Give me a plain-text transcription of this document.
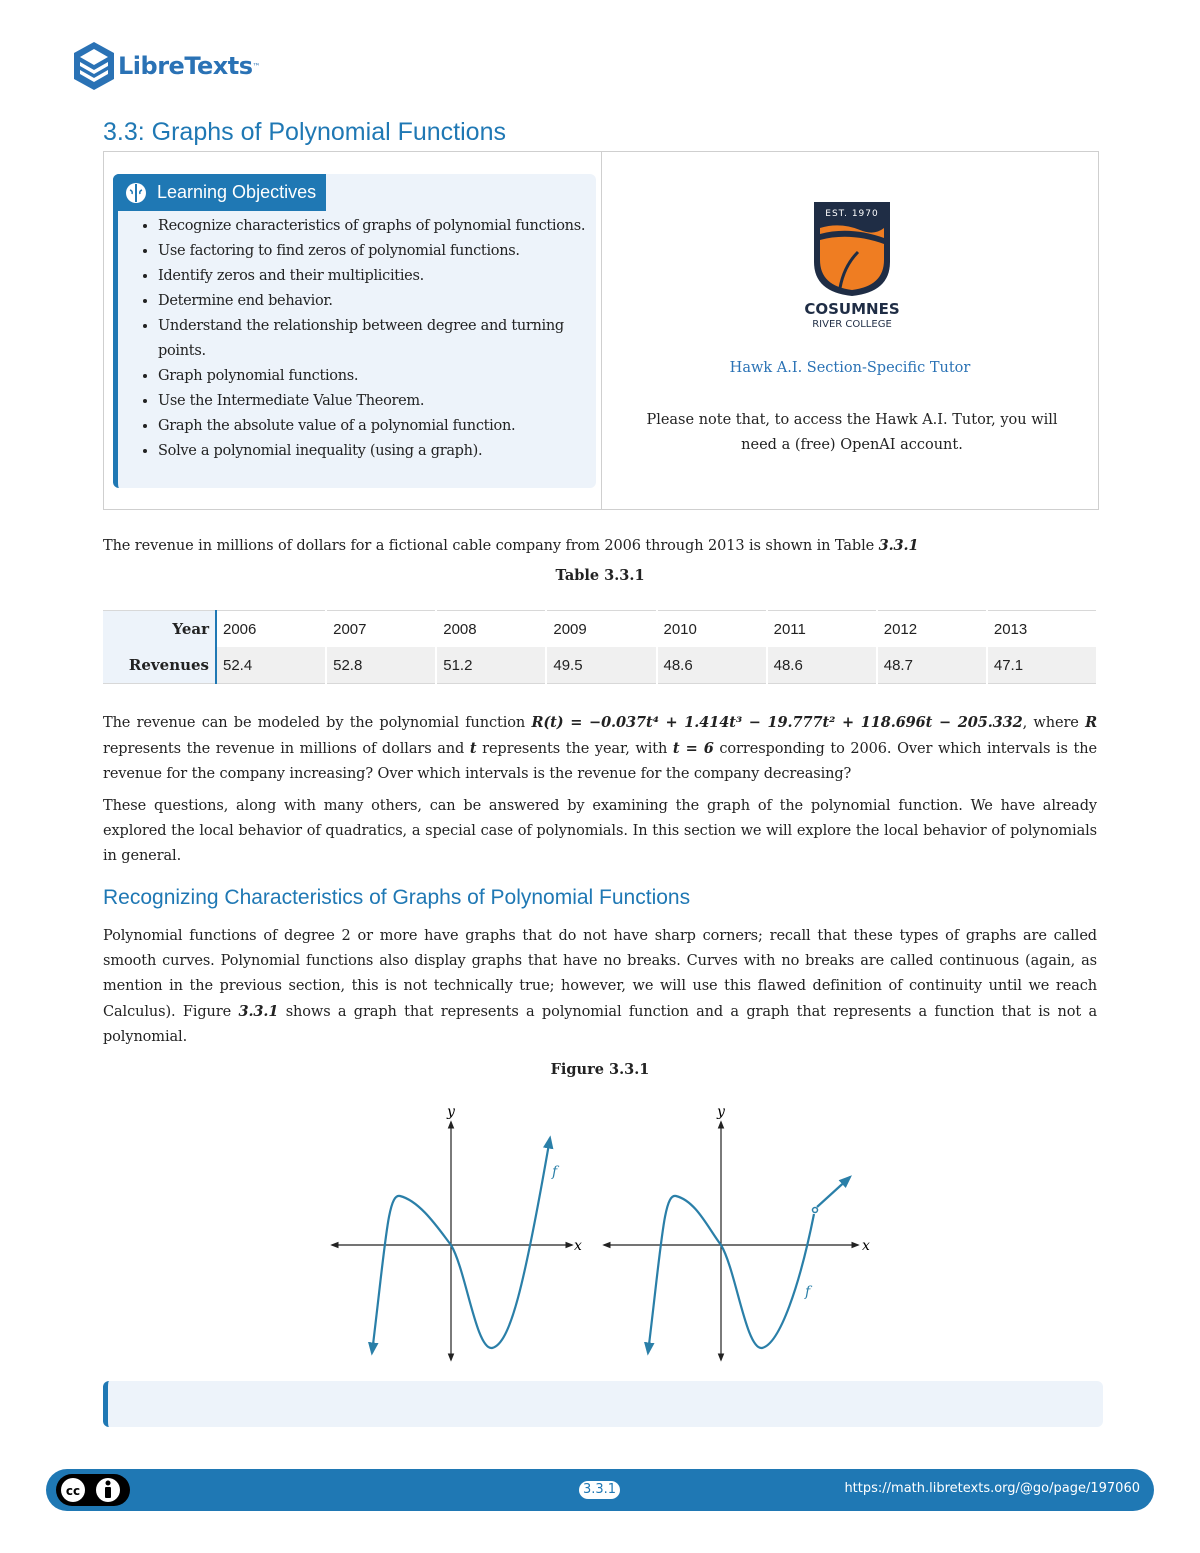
LibreTexts ™
3.3: Graphs of Polynomial Functions
Learning Objectives
• Recognize characteristics of graphs of polynomial functions.
• Use factoring to find zeros of polynomial functions.
• Identify zeros and their multiplicities.
• Determine end behavior.
• Understand the relationship between degree and turning points.
• Graph polynomial functions.
• Use the Intermediate Value Theorem.
• Graph the absolute value of a polynomial function.
• Solve a polynomial inequality (using a graph).
EST. 1970
COSUMNES
RIVER COLLEGE
Hawk A.I. Section-Specific Tutor
Please note that, to access the Hawk A.I. Tutor, you will need a (free) OpenAI account.

The revenue in millions of dollars for a fictional cable company from 2006 through 2013 is shown in Table 3.3.1

Table 3.3.1
Year	2006	2007	2008	2009	2010	2011	2012	2013
Revenues	52.4	52.8	51.2	49.5	48.6	48.6	48.7	47.1

The revenue can be modeled by the polynomial function R(t) = −0.037t⁴ + 1.414t³ − 19.777t² + 118.696t − 205.332, where R represents the revenue in millions of dollars and t represents the year, with t = 6 corresponding to 2006. Over which intervals is the revenue for the company increasing? Over which intervals is the revenue for the company decreasing?

These questions, along with many others, can be answered by examining the graph of the polynomial function. We have already explored the local behavior of quadratics, a special case of polynomials. In this section we will explore the local behavior of polynomials in general.

Recognizing Characteristics of Graphs of Polynomial Functions

Polynomial functions of degree 2 or more have graphs that do not have sharp corners; recall that these types of graphs are called smooth curves. Polynomial functions also display graphs that have no breaks. Curves with no breaks are called continuous (again, as mention in the previous section, this is not technically true; however, we will use this flawed definition of continuity until we reach Calculus). Figure 3.3.1 shows a graph that represents a polynomial function and a graph that represents a function that is not a polynomial.

Figure 3.3.1
x
y
f
x
y
f
cc	3.3.1	https://math.libretexts.org/@go/page/197060
